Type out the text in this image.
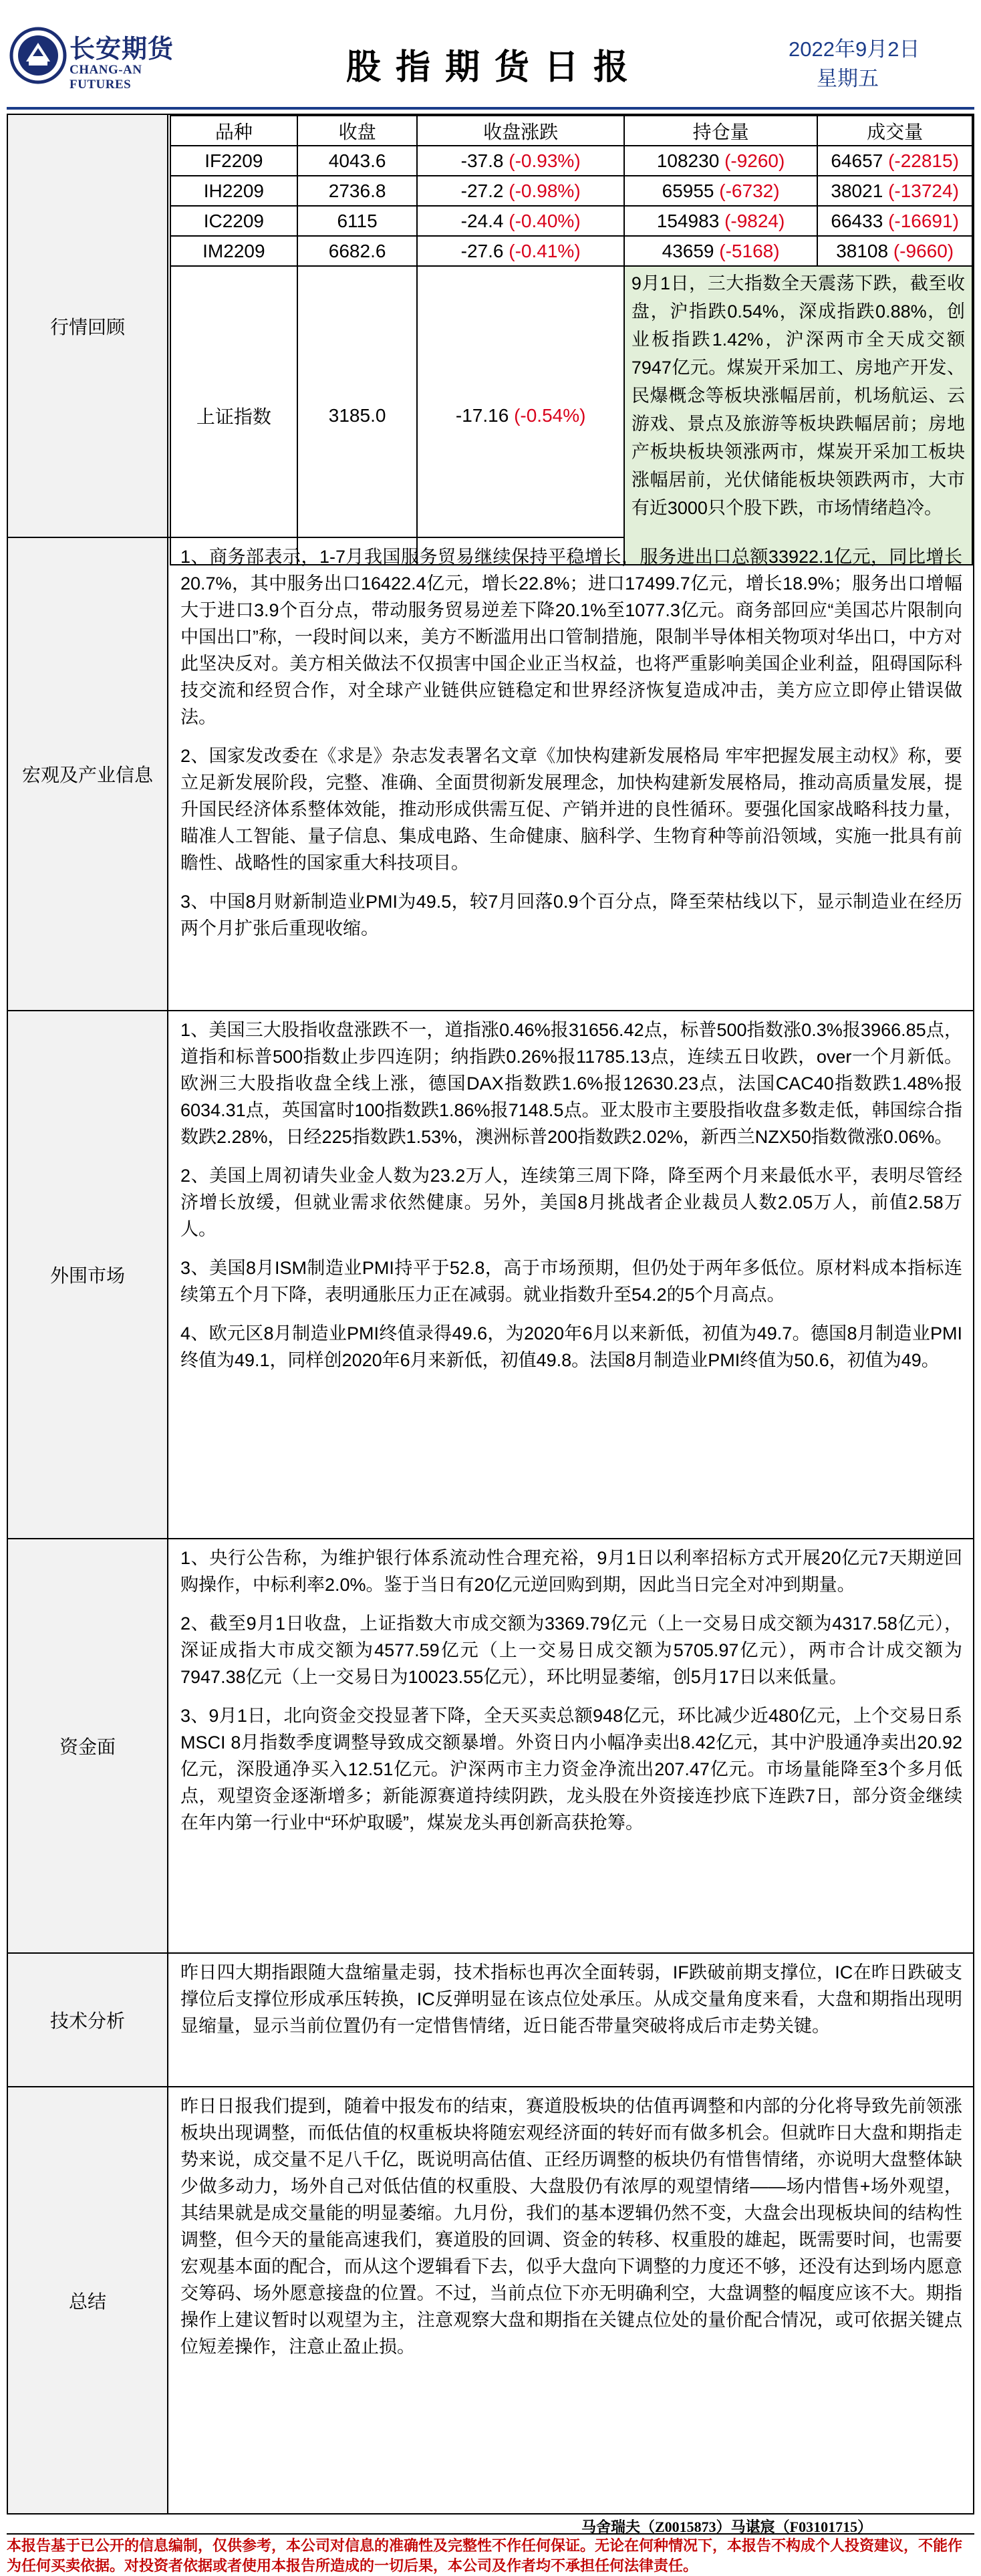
长安期货
CHANG-AN FUTURES	股指期货日报	2022年9月2日
星期五
行情回顾
品种	收盘	收盘涨跌	持仓量	成交量
IF2209	4043.6	-37.8 (-0.93%)	108230 (-9260)	64657 (-22815)
IH2209	2736.8	-27.2 (-0.98%)	65955 (-6732)	38021 (-13724)
IC2209	6115	-24.4 (-0.40%)	154983 (-9824)	66433 (-16691)
IM2209	6682.6	-27.6 (-0.41%)	43659 (-5168)	38108 (-9660)
上证指数	3185.0	-17.16 (-0.54%)	9月1日，三大指数全天震荡下跌，截至收盘，沪指跌0.54%，深成指跌0.88%，创业板指跌1.42%，沪深两市全天成交额7947亿元。煤炭开采加工、房地产开发、民爆概念等板块涨幅居前，机场航运、云游戏、景点及旅游等板块跌幅居前；房地产板块板块领涨两市，煤炭开采加工板块涨幅居前，光伏储能板块领跌两市，大市有近3000只个股下跌，市场情绪趋冷。	
宏观及产业信息

1、商务部表示，1-7月我国服务贸易继续保持平稳增长，服务进出口总额33922.1亿元，同比增长20.7%，其中服务出口16422.4亿元，增长22.8%；进口17499.7亿元，增长18.9%；服务出口增幅大于进口3.9个百分点，带动服务贸易逆差下降20.1%至1077.3亿元。商务部回应“美国芯片限制向中国出口”称，一段时间以来，美方不断滥用出口管制措施，限制半导体相关物项对华出口，中方对此坚决反对。美方相关做法不仅损害中国企业正当权益，也将严重影响美国企业利益，阻碍国际科技交流和经贸合作，对全球产业链供应链稳定和世界经济恢复造成冲击，美方应立即停止错误做法。

2、国家发改委在《求是》杂志发表署名文章《加快构建新发展格局 牢牢把握发展主动权》称，要立足新发展阶段，完整、准确、全面贯彻新发展理念，加快构建新发展格局，推动高质量发展，提升国民经济体系整体效能，推动形成供需互促、产销并进的良性循环。要强化国家战略科技力量，瞄准人工智能、量子信息、集成电路、生命健康、脑科学、生物育种等前沿领域，实施一批具有前瞻性、战略性的国家重大科技项目。

3、中国8月财新制造业PMI为49.5，较7月回落0.9个百分点，降至荣枯线以下，显示制造业在经历两个月扩张后重现收缩。

外围市场

1、美国三大股指收盘涨跌不一，道指涨0.46%报31656.42点，标普500指数涨0.3%报3966.85点，道指和标普500指数止步四连阴；纳指跌0.26%报11785.13点，连续五日收跌，over一个月新低。欧洲三大股指收盘全线上涨，德国DAX指数跌1.6%报12630.23点，法国CAC40指数跌1.48%报6034.31点，英国富时100指数跌1.86%报7148.5点。亚太股市主要股指收盘多数走低，韩国综合指数跌2.28%，日经225指数跌1.53%，澳洲标普200指数跌2.02%，新西兰NZX50指数微涨0.06%。

2、美国上周初请失业金人数为23.2万人，连续第三周下降，降至两个月来最低水平，表明尽管经济增长放缓，但就业需求依然健康。另外，美国8月挑战者企业裁员人数2.05万人，前值2.58万人。

3、美国8月ISM制造业PMI持平于52.8，高于市场预期，但仍处于两年多低位。原材料成本指标连续第五个月下降，表明通胀压力正在减弱。就业指数升至54.2的5个月高点。

4、欧元区8月制造业PMI终值录得49.6，为2020年6月以来新低，初值为49.7。德国8月制造业PMI终值为49.1，同样创2020年6月来新低，初值49.8。法国8月制造业PMI终值为50.6，初值为49。

资金面

1、央行公告称，为维护银行体系流动性合理充裕，9月1日以利率招标方式开展20亿元7天期逆回购操作，中标利率2.0%。鉴于当日有20亿元逆回购到期，因此当日完全对冲到期量。

2、截至9月1日收盘，上证指数大市成交额为3369.79亿元（上一交易日成交额为4317.58亿元），深证成指大市成交额为4577.59亿元（上一交易日成交额为5705.97亿元），两市合计成交额为7947.38亿元（上一交易日为10023.55亿元），环比明显萎缩，创5月17日以来低量。

3、9月1日，北向资金交投显著下降，全天买卖总额948亿元，环比减少近480亿元，上个交易日系MSCI 8月指数季度调整导致成交额暴增。外资日内小幅净卖出8.42亿元，其中沪股通净卖出20.92亿元，深股通净买入12.51亿元。沪深两市主力资金净流出207.47亿元。市场量能降至3个多月低点，观望资金逐渐增多；新能源赛道持续阴跌，龙头股在外资接连抄底下连跌7日，部分资金继续在年内第一行业中“环炉取暖”，煤炭龙头再创新高获抢筹。

技术分析

昨日四大期指跟随大盘缩量走弱，技术指标也再次全面转弱，IF跌破前期支撑位，IC在昨日跌破支撑位后支撑位形成承压转换，IC反弹明显在该点位处承压。从成交量角度来看，大盘和期指出现明显缩量，显示当前位置仍有一定惜售情绪，近日能否带量突破将成后市走势关键。

总结

昨日日报我们提到，随着中报发布的结束，赛道股板块的估值再调整和内部的分化将导致先前领涨板块出现调整，而低估值的权重板块将随宏观经济面的转好而有做多机会。但就昨日大盘和期指走势来说，成交量不足八千亿，既说明高估值、正经历调整的板块仍有惜售情绪，亦说明大盘整体缺少做多动力，场外自己对低估值的权重股、大盘股仍有浓厚的观望情绪——场内惜售+场外观望，其结果就是成交量能的明显萎缩。九月份，我们的基本逻辑仍然不变，大盘会出现板块间的结构性调整，但今天的量能高速我们，赛道股的回调、资金的转移、权重股的雄起，既需要时间，也需要宏观基本面的配合，而从这个逻辑看下去，似乎大盘向下调整的力度还不够，还没有达到场内愿意交筹码、场外愿意接盘的位置。不过，当前点位下亦无明确利空，大盘调整的幅度应该不大。期指操作上建议暂时以观望为主，注意观察大盘和期指在关键点位处的量价配合情况，或可依据关键点位短差操作，注意止盈止损。

马舍瑞夫（Z0015873）马谌宸（F03101715）
本报告基于已公开的信息编制，仅供参考，本公司对信息的准确性及完整性不作任何保证。无论在何种情况下，本报告不构成个人投资建议，不能作为任何买卖依据。对投资者依据或者使用本报告所造成的一切后果，本公司及作者均不承担任何法律责任。
